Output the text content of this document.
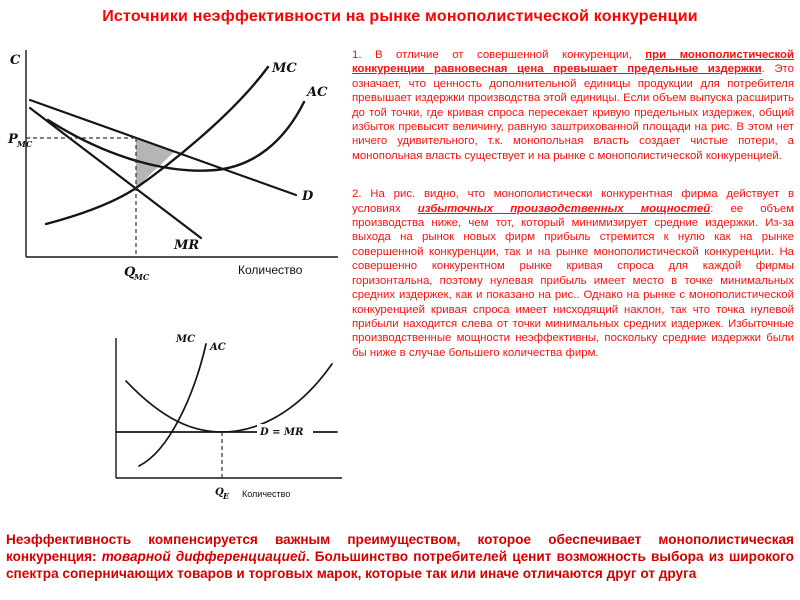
Источники неэффективности на рынке монополистической конкуренции
C
MC
AC
D
MR
P MC
Q
MC	Количество

1. В отличие от совершенной конкуренции, при монополистической конкуренции равновесная цена превышает предельные издержки. Это означает, что ценность дополнительной единицы продукции для потребителя превышает издержки производства этой единицы. Если объем выпуска расширить до той точки, где кривая спроса пересекает кривую предельных издержек, общий избыток превысит величину, равную заштрихованной площади на рис. В этом нет ничего удивительного, т.к. монопольная власть создает чистые потери, а монопольная власть существует и на рынке с монополистической конкуренцией.

2. На рис. видно, что монополистически конкурентная фирма действует в условиях избыточных производственных мощностей: ее объем производства ниже, чем тот, который минимизирует средние издержки. Из-за выхода на рынок новых фирм прибыль стремится к нулю как на рынке совершенной конкуренции, так и на рынке монополистической конкуренции. На совершенно конкурентном рынке кривая спроса для каждой фирмы горизонтальна, поэтому нулевая прибыль имеет место в точке минимальных средних издержек, как и показано на рис.. Однако на рынке с монополистической конкуренцией кривая спроса имеет нисходящий наклон, так что точка нулевой прибыли находится слева от точки минимальных средних издержек. Избыточные производственные мощности неэффективны, поскольку средние издержки были бы ниже в случае большего количества фирм.

D = MR
MC
AC
Q E Количество

Неэффективность компенсируется важным преимуществом, которое обеспечивает монополистическая конкуренция: товарной дифференциацией. Большинство потребителей ценит возможность выбора из широкого спектра соперничающих товаров и торговых марок, которые так или иначе отличаются друг от друга
